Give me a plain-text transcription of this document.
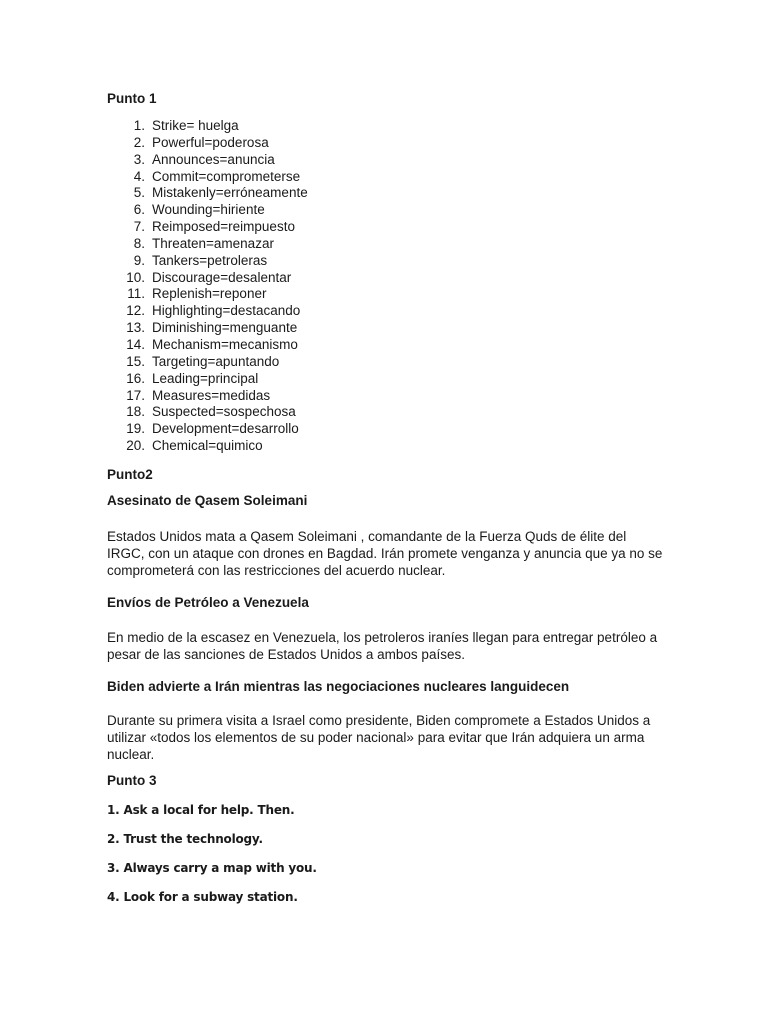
Punto 1
1. Strike= huelga
2. Powerful=poderosa
3. Announces=anuncia
4. Commit=comprometerse
5. Mistakenly=erróneamente
6. Wounding=hiriente
7. Reimposed=reimpuesto
8. Threaten=amenazar
9. Tankers=petroleras
10. Discourage=desalentar
11. Replenish=reponer
12. Highlighting=destacando
13. Diminishing=menguante
14. Mechanism=mecanismo
15. Targeting=apuntando
16. Leading=principal
17. Measures=medidas
18. Suspected=sospechosa
19. Development=desarrollo
20. Chemical=quimico
Punto2
Asesinato de Qasem Soleimani

Estados Unidos mata a Qasem Soleimani , comandante de la Fuerza Quds de élite del
IRGC, con un ataque con drones en Bagdad. Irán promete venganza y anuncia que ya no se
comprometerá con las restricciones del acuerdo nuclear.

Envíos de Petróleo a Venezuela

En medio de la escasez en Venezuela, los petroleros iraníes llegan para entregar petróleo a
pesar de las sanciones de Estados Unidos a ambos países.

Biden advierte a Irán mientras las negociaciones nucleares languidecen

Durante su primera visita a Israel como presidente, Biden compromete a Estados Unidos a
utilizar «todos los elementos de su poder nacional» para evitar que Irán adquiera un arma
nuclear.

Punto 3

1. Ask a local for help. Then.

2. Trust the technology.

3. Always carry a map with you.

4. Look for a subway station.
